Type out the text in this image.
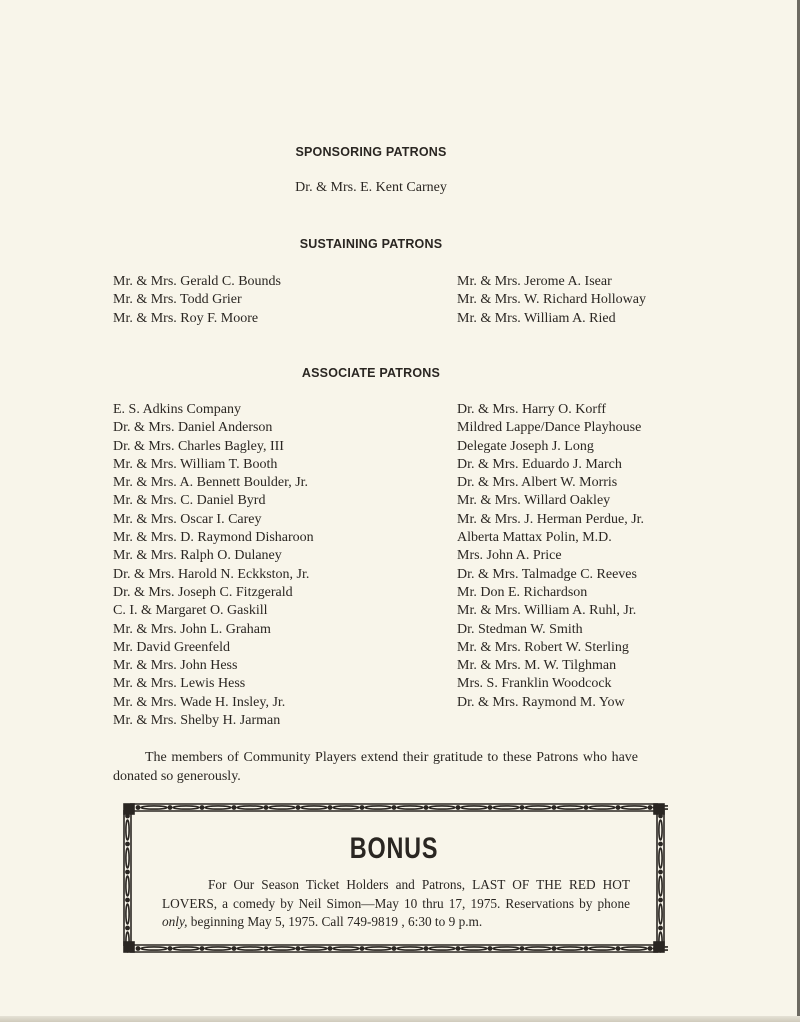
SPONSORING PATRONS

Dr. & Mrs. E. Kent Carney

SUSTAINING PATRONS
Mr. & Mrs. Gerald C. Bounds
Mr. & Mrs. Todd Grier
Mr. & Mrs. Roy F. Moore
Mr. & Mrs. Jerome A. Isear
Mr. & Mrs. W. Richard Holloway
Mr. & Mrs. William A. Ried
ASSOCIATE PATRONS
E. S. Adkins Company
Dr. & Mrs. Daniel Anderson
Dr. & Mrs. Charles Bagley, III
Mr. & Mrs. William T. Booth
Mr. & Mrs. A. Bennett Boulder, Jr.
Mr. & Mrs. C. Daniel Byrd
Mr. & Mrs. Oscar I. Carey
Mr. & Mrs. D. Raymond Disharoon
Mr. & Mrs. Ralph O. Dulaney
Dr. & Mrs. Harold N. Eckkston, Jr.
Dr. & Mrs. Joseph C. Fitzgerald
C. I. & Margaret O. Gaskill
Mr. & Mrs. John L. Graham
Mr. David Greenfeld
Mr. & Mrs. John Hess
Mr. & Mrs. Lewis Hess
Mr. & Mrs. Wade H. Insley, Jr.
Mr. & Mrs. Shelby H. Jarman
Dr. & Mrs. Harry O. Korff
Mildred Lappe/Dance Playhouse
Delegate Joseph J. Long
Dr. & Mrs. Eduardo J. March
Dr. & Mrs. Albert W. Morris
Mr. & Mrs. Willard Oakley
Mr. & Mrs. J. Herman Perdue, Jr.
Alberta Mattax Polin, M.D.
Mrs. John A. Price
Dr. & Mrs. Talmadge C. Reeves
Mr. Don E. Richardson
Mr. & Mrs. William A. Ruhl, Jr.
Dr. Stedman W. Smith
Mr. & Mrs. Robert W. Sterling
Mr. & Mrs. M. W. Tilghman
Mrs. S. Franklin Woodcock
Dr. & Mrs. Raymond M. Yow

The members of Community Players extend their gratitude to these Patrons who have donated so generously.

BONUS

For Our Season Ticket Holders and Patrons, LAST OF THE RED HOT LOVERS, a comedy by Neil Simon—May 10 thru 17, 1975. Reservations by phone only, beginning May 5, 1975. Call 749-9819 , 6:30 to 9 p.m.
